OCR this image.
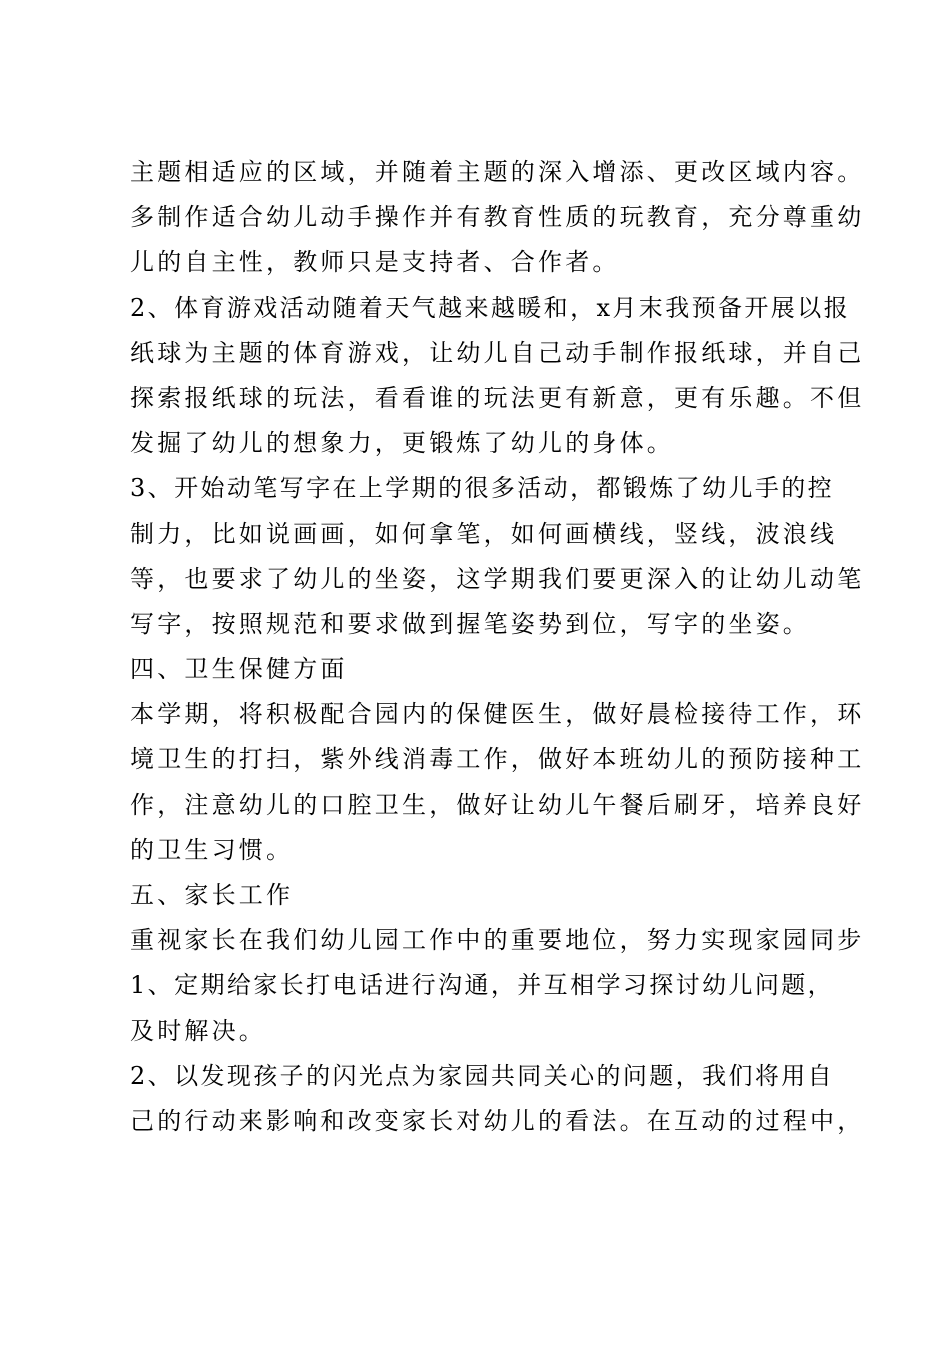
主题相适应的区域，并随着主题的深入增添、更改区域内容。
多制作适合幼儿动手操作并有教育性质的玩教育，充分尊重幼
儿的自主性，教师只是支持者、合作者。
2、体育游戏活动随着天气越来越暖和，x月末我预备开展以报
纸球为主题的体育游戏，让幼儿自己动手制作报纸球，并自己
探索报纸球的玩法，看看谁的玩法更有新意，更有乐趣。不但
发掘了幼儿的想象力，更锻炼了幼儿的身体。
3、开始动笔写字在上学期的很多活动，都锻炼了幼儿手的控
制力，比如说画画，如何拿笔，如何画横线，竖线，波浪线
等，也要求了幼儿的坐姿，这学期我们要更深入的让幼儿动笔
写字，按照规范和要求做到握笔姿势到位，写字的坐姿。
四、卫生保健方面
本学期，将积极配合园内的保健医生，做好晨检接待工作，环
境卫生的打扫，紫外线消毒工作，做好本班幼儿的预防接种工
作，注意幼儿的口腔卫生，做好让幼儿午餐后刷牙，培养良好
的卫生习惯。
五、家长工作
重视家长在我们幼儿园工作中的重要地位，努力实现家园同步
1、定期给家长打电话进行沟通，并互相学习探讨幼儿问题，
及时解决。
2、以发现孩子的闪光点为家园共同关心的问题，我们将用自
己的行动来影响和改变家长对幼儿的看法。在互动的过程中，
